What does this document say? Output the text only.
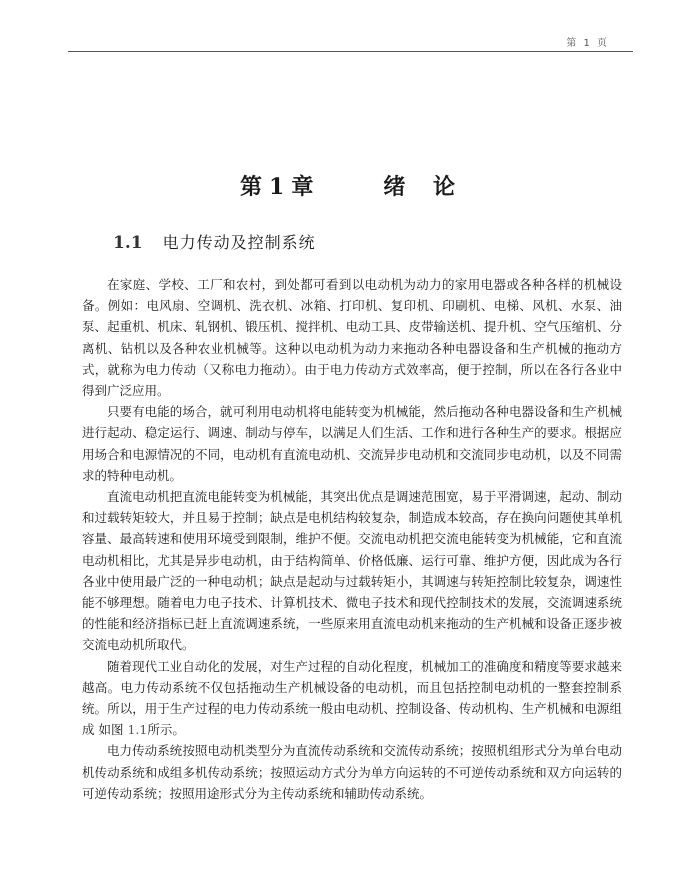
第 1 页
第 1 章	绪 论
1.1 电力传动及控制系统

在家庭、学校、工厂和农村，到处都可看到以电动机为动力的家用电器或各种各样的机械设备。例如：电风扇、空调机、洗衣机、冰箱、打印机、复印机、印刷机、电梯、风机、水泵、油泵、起重机、机床、轧钢机、锻压机、搅拌机、电动工具、皮带输送机、提升机、空气压缩机、分离机、钻机以及各种农业机械等。这种以电动机为动力来拖动各种电器设备和生产机械的拖动方式，就称为电力传动（又称电力拖动）。由于电力传动方式效率高，便于控制，所以在各行各业中得到广泛应用。

只要有电能的场合，就可利用电动机将电能转变为机械能，然后拖动各种电器设备和生产机械进行起动、稳定运行、调速、制动与停车，以满足人们生活、工作和进行各种生产的要求。根据应用场合和电源情况的不同，电动机有直流电动机、交流异步电动机和交流同步电动机，以及不同需求的特种电动机。

直流电动机把直流电能转变为机械能，其突出优点是调速范围宽，易于平滑调速，起动、制动和过载转矩较大，并且易于控制；缺点是电机结构较复杂，制造成本较高，存在换向问题使其单机容量、最高转速和使用环境受到限制，维护不便。交流电动机把交流电能转变为机械能，它和直流电动机相比，尤其是异步电动机，由于结构简单、价格低廉、运行可靠、维护方便，因此成为各行各业中使用最广泛的一种电动机；缺点是起动与过载转矩小，其调速与转矩控制比较复杂，调速性能不够理想。随着电力电子技术、计算机技术、微电子技术和现代控制技术的发展，交流调速系统的性能和经济指标已赶上直流调速系统，一些原来用直流电动机来拖动的生产机械和设备正逐步被交流电动机所取代。

随着现代工业自动化的发展，对生产过程的自动化程度，机械加工的准确度和精度等要求越来越高。电力传动系统不仅包括拖动生产机械设备的电动机，而且包括控制电动机的一整套控制系统。所以，用于生产过程的电力传动系统一般由电动机、控制设备、传动机构、生产机械和电源组成 如图 1.1所示。

电力传动系统按照电动机类型分为直流传动系统和交流传动系统；按照机组形式分为单台电动机传动系统和成组多机传动系统；按照运动方式分为单方向运转的不可逆传动系统和双方向运转的可逆传动系统；按照用途形式分为主传动系统和辅助传动系统。
